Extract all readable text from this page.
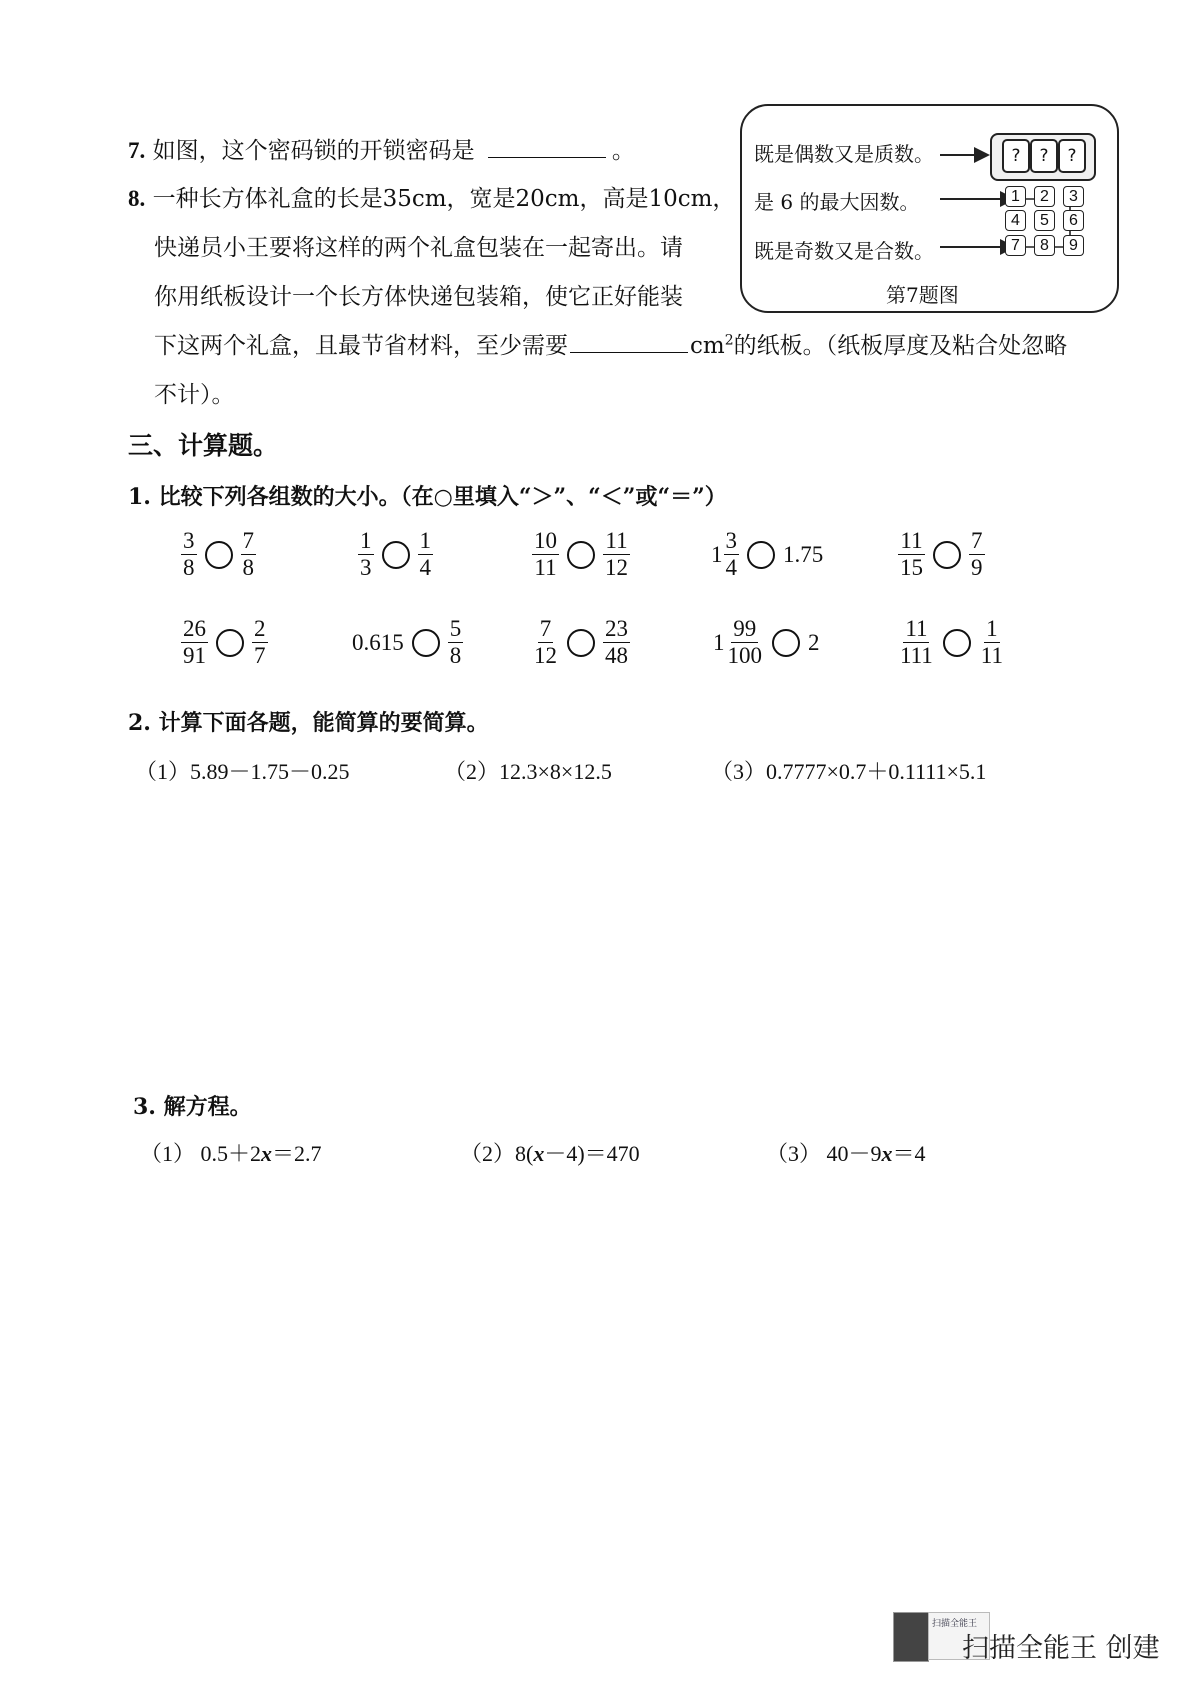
7. 如图，这个密码锁的开锁密码是	。
8. 一种长方体礼盒的长是35cm，宽是20cm，高是10cm，
快递员小王要将这样的两个礼盒包装在一起寄出。请
你用纸板设计一个长方体快递包装箱，使它正好能装
下这两个礼盒，且最节省材料，至少需要	$cm^2$的纸板。（纸板厚度及粘合处忽略
不计）。
既是偶数又是质数。
是 6 的最大因数。
既是奇数又是合数。
第7题图
?	?	?
1	2	3
4	5	6
7	8	9
三、计算题。
1. 比较下列各组数的大小。（在○里填入“＞”、“＜”或“＝”）
$\frac{3}{8} \frac{7}{8}$	$\frac{1}{3} \frac{1}{4}$	$\frac{10}{11} \frac{11}{12}$	$1 \frac{3}{4} 1.75$	$\frac{11}{15} \frac{7}{9}$
$\frac{26}{91} \frac{2}{7}$	$0.615 \frac{5}{8}$	$\frac{7}{12} \frac{23}{48}$	$1 \frac{99}{100} 2$	$\frac{11}{111} \frac{1}{11}$
2. 计算下面各题，能简算的要简算。
（1）5.89－1.75－0.25	（2）12.3×8×12.5	（3）0.7777×0.7＋0.1111×5.1
3. 解方程。
（1） 0.5＋2x＝2.7	（2）8(x－4)＝470	（3） 40－9x＝4
扫描全能王
扫描全能王 创建
